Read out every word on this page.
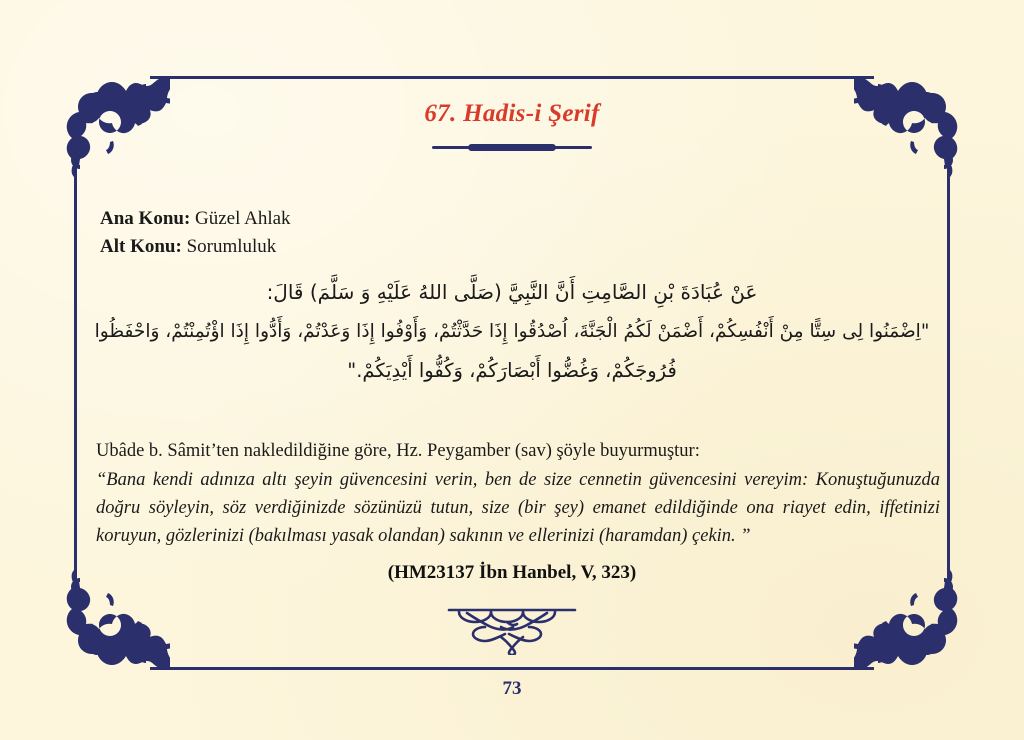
67. Hadis-i Şerif
Ana Konu: Güzel Ahlak
Alt Konu: Sorumluluk
عَنْ عُبَادَةَ بْنِ الصَّامِتِ أَنَّ النَّبِيَّ (صَلَّى اللهُ عَلَيْهِ وَ سَلَّمَ) قَالَ:
"اِضْمَنُوا لِى سِتًّا مِنْ أَنْفُسِكُمْ، أَضْمَنْ لَكُمُ الْجَنَّةَ، اُصْدُقُوا إِذَا حَدَّثْتُمْ، وَأَوْفُوا إِذَا وَعَدْتُمْ، وَأَدُّوا إِذَا اؤْتُمِنْتُمْ، وَاحْفَظُوا
فُرُوجَكُمْ، وَغُضُّوا أَبْصَارَكُمْ، وَكُفُّوا أَيْدِيَكُمْ."
Ubâde b. Sâmit’ten nakledildiğine göre, Hz. Peygamber (sav) şöyle buyurmuştur:
“Bana kendi adınıza altı şeyin güvencesini verin, ben de size cennetin güvencesini vereyim: Konuştuğunuzda doğru söyleyin, söz verdiğinizde sözünüzü tutun, size (bir şey) emanet edildiğinde ona riayet edin, iffetinizi koruyun, gözlerinizi (bakılması yasak olandan) sakının ve ellerinizi (haramdan) çekin. ”
(HM23137 İbn Hanbel, V, 323)
73
